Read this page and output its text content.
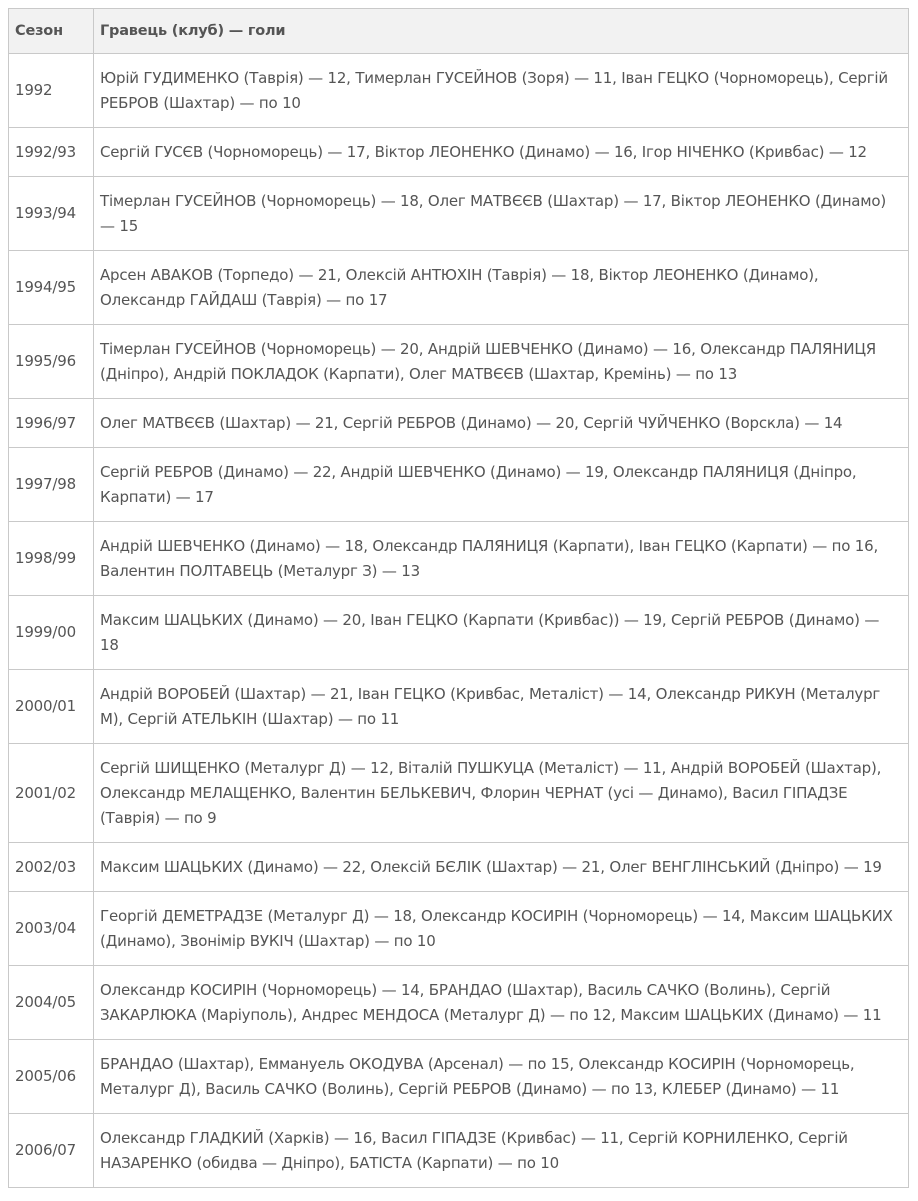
Сезон	Гравець (клуб) — голи
1992	Юрій ГУДИМЕНКО (Таврія) — 12, Тимерлан ГУСЕЙНОВ (Зоря) — 11, Іван ГЕЦКО (Чорноморець), Сергій РЕБРОВ (Шахтар) — по 10
1992/93	Сергій ГУСЄВ (Чорноморець) — 17, Віктор ЛЕОНЕНКО (Динамо) — 16, Ігор НІЧЕНКО (Кривбас) — 12
1993/94	Тімерлан ГУСЕЙНОВ (Чорноморець) — 18, Олег МАТВЄЄВ (Шахтар) — 17, Віктор ЛЕОНЕНКО (Динамо) — 15
1994/95	Арсен АВАКОВ (Торпедо) — 21, Олексій АНТЮХІН (Таврія) — 18, Віктор ЛЕОНЕНКО (Динамо), Олександр ГАЙДАШ (Таврія) — по 17
1995/96	Тімерлан ГУСЕЙНОВ (Чорноморець) — 20, Андрій ШЕВЧЕНКО (Динамо) — 16, Олександр ПАЛЯНИЦЯ (Дніпро), Андрій ПОКЛАДОК (Карпати), Олег МАТВЄЄВ (Шахтар, Кремінь) — по 13
1996/97	Олег МАТВЄЄВ (Шахтар) — 21, Сергій РЕБРОВ (Динамо) — 20, Сергій ЧУЙЧЕНКО (Ворскла) — 14
1997/98	Сергій РЕБРОВ (Динамо) — 22, Андрій ШЕВЧЕНКО (Динамо) — 19, Олександр ПАЛЯНИЦЯ (Дніпро, Карпати) — 17
1998/99	Андрій ШЕВЧЕНКО (Динамо) — 18, Олександр ПАЛЯНИЦЯ (Карпати), Іван ГЕЦКО (Карпати) — по 16, Валентин ПОЛТАВЕЦЬ (Металург З) — 13
1999/00	Максим ШАЦЬКИХ (Динамо) — 20, Іван ГЕЦКО (Карпати (Кривбас)) — 19, Сергій РЕБРОВ (Динамо) — 18
2000/01	Андрій ВОРОБЕЙ (Шахтар) — 21, Іван ГЕЦКО (Кривбас, Металіст) — 14, Олександр РИКУН (Металург М), Сергій АТЕЛЬКІН (Шахтар) — по 11
2001/02	Сергій ШИЩЕНКО (Металург Д) — 12, Віталій ПУШКУЦА (Металіст) — 11, Андрій ВОРОБЕЙ (Шахтар), Олександр МЕЛАЩЕНКО, Валентин БЕЛЬКЕВИЧ, Флорин ЧЕРНАТ (усі — Динамо), Васил ГІПАДЗЕ (Таврія) — по 9
2002/03	Максим ШАЦЬКИХ (Динамо) — 22, Олексій БЄЛІК (Шахтар) — 21, Олег ВЕНГЛІНСЬКИЙ (Дніпро) — 19
2003/04	Георгій ДЕМЕТРАДЗЕ (Металург Д) — 18, Олександр КОСИРІН (Чорноморець) — 14, Максим ШАЦЬКИХ (Динамо), Звонімір ВУКІЧ (Шахтар) — по 10
2004/05	Олександр КОСИРІН (Чорноморець) — 14, БРАНДАО (Шахтар), Василь САЧКО (Волинь), Сергій ЗАКАРЛЮКА (Маріуполь), Андрес МЕНДОСА (Металург Д) — по 12, Максим ШАЦЬКИХ (Динамо) — 11
2005/06	БРАНДАО (Шахтар), Еммануель ОКОДУВА (Арсенал) — по 15, Олександр КОСИРІН (Чорноморець, Металург Д), Василь САЧКО (Волинь), Сергій РЕБРОВ (Динамо) — по 13, КЛЕБЕР (Динамо) — 11
2006/07	Олександр ГЛАДКИЙ (Харків) — 16, Васил ГІПАДЗЕ (Кривбас) — 11, Сергій КОРНИЛЕНКО, Сергій НАЗАРЕНКО (обидва — Дніпро), БАТІСТА (Карпати) — по 10
